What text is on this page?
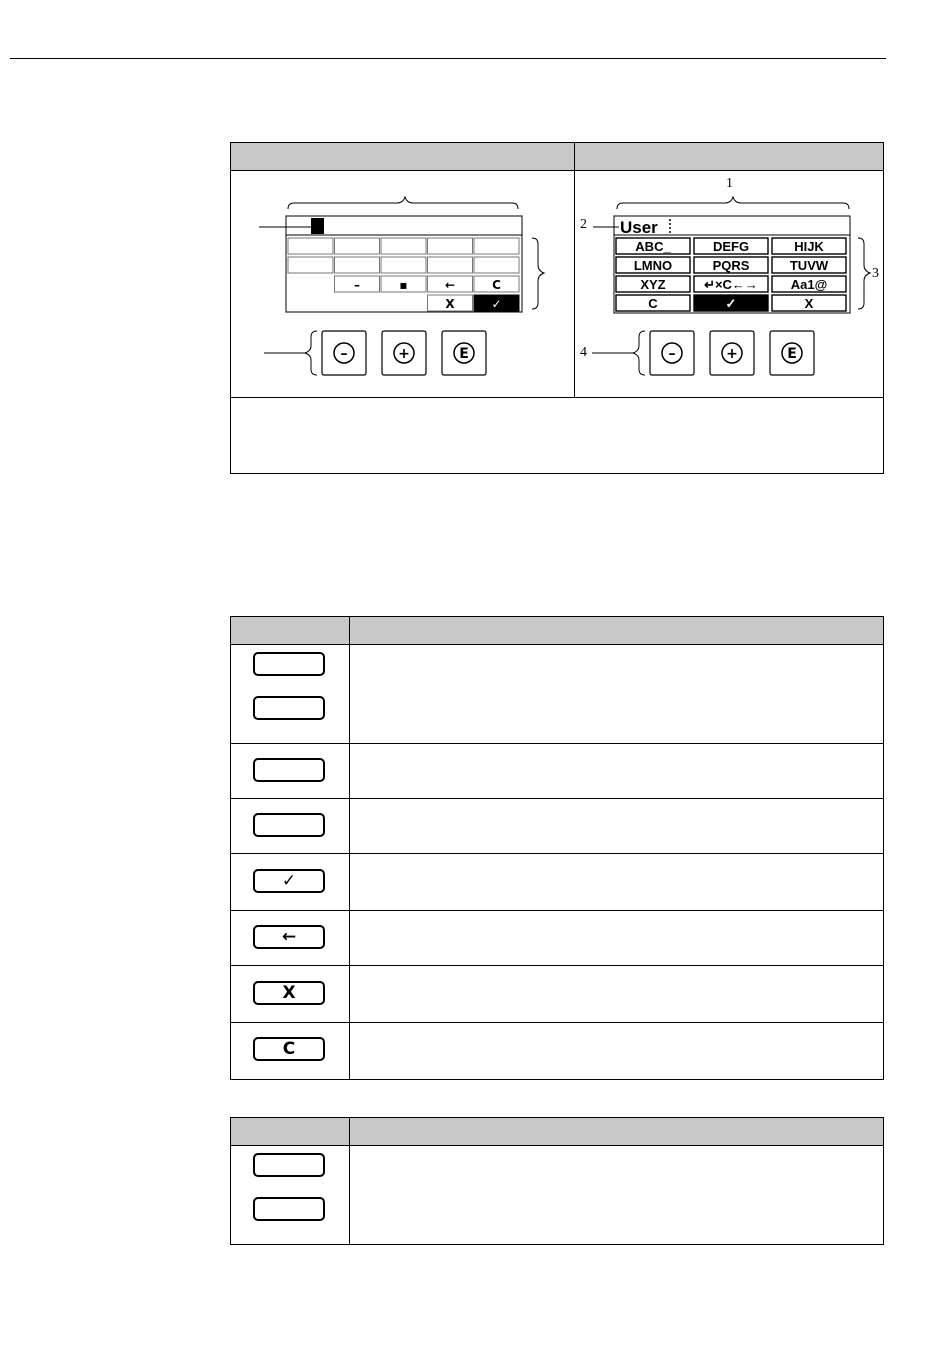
–	▪	←	C
X	✓
–	+	E
1
2
3
4
User
ABC_	DEFG	HIJK
LMNO	PQRS	TUVW
XYZ	↵×C←→	Aa1@
C	✓	X
–	+	E
✓
←
X
C
